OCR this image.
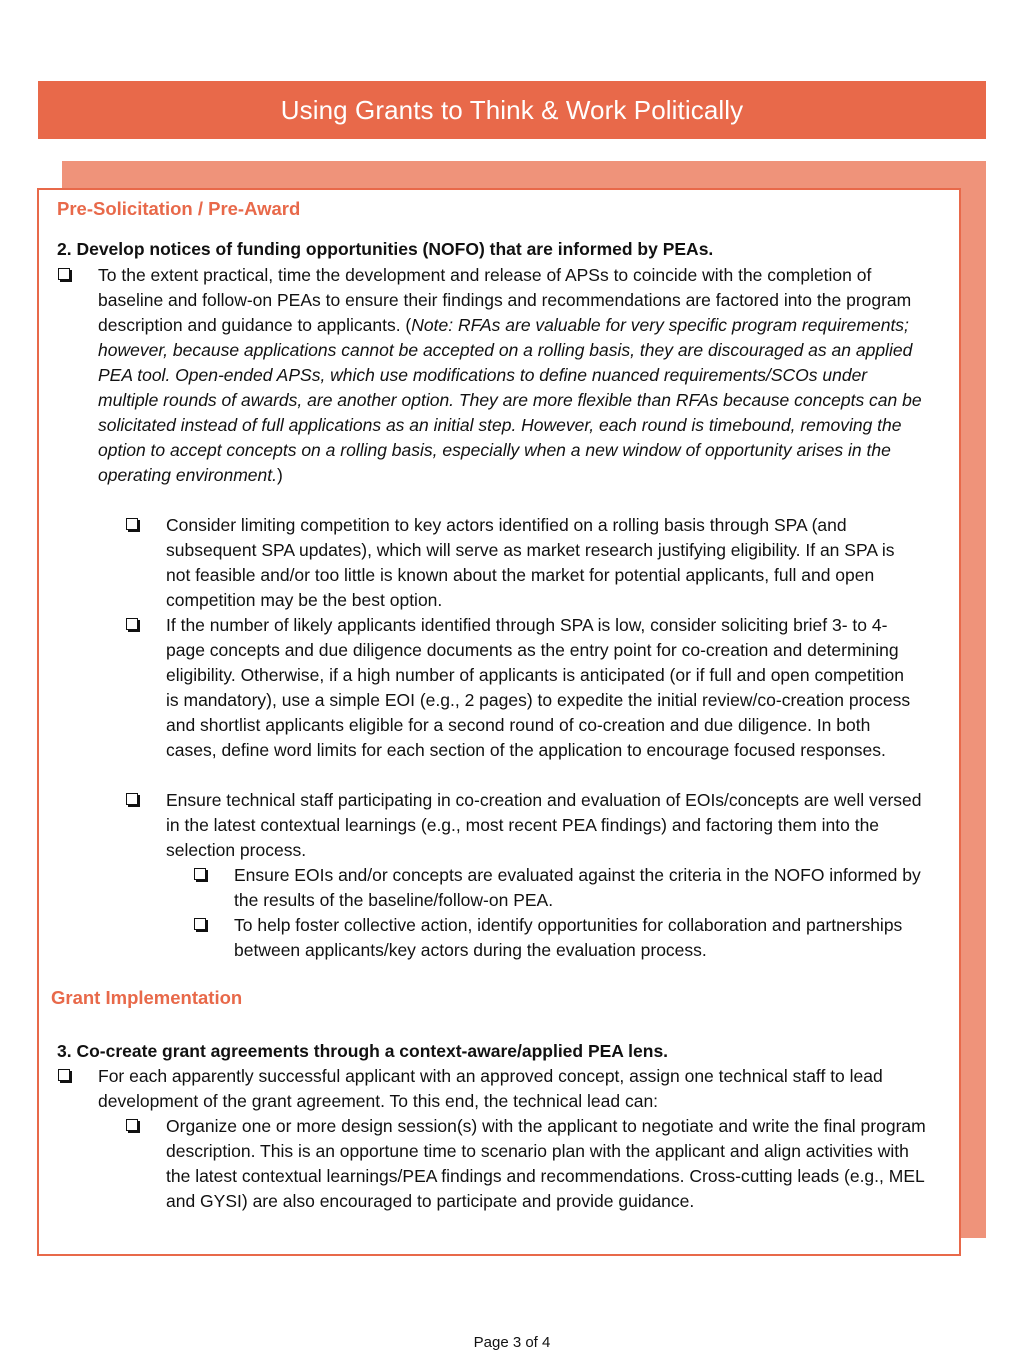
Using Grants to Think & Work Politically
Pre-Solicitation / Pre-Award
2. Develop notices of funding opportunities (NOFO) that are informed by PEAs.
To the extent practical, time the development and release of APSs to coincide with the completion of baseline and follow-on PEAs to ensure their findings and recommendations are factored into the program description and guidance to applicants. (Note: RFAs are valuable for very specific program requirements; however, because applications cannot be accepted on a rolling basis, they are discouraged as an applied PEA tool. Open-ended APSs, which use modifications to define nuanced requirements/SCOs under multiple rounds of awards, are another option. They are more flexible than RFAs because concepts can be solicitated instead of full applications as an initial step. However, each round is timebound, removing the option to accept concepts on a rolling basis, especially when a new window of opportunity arises in the operating environment.)
Consider limiting competition to key actors identified on a rolling basis through SPA (and subsequent SPA updates), which will serve as market research justifying eligibility. If an SPA is not feasible and/or too little is known about the market for potential applicants, full and open competition may be the best option.
If the number of likely applicants identified through SPA is low, consider soliciting brief 3- to 4-page concepts and due diligence documents as the entry point for co-creation and determining eligibility. Otherwise, if a high number of applicants is anticipated (or if full and open competition is mandatory), use a simple EOI (e.g., 2 pages) to expedite the initial review/co-creation process and shortlist applicants eligible for a second round of co-creation and due diligence. In both cases, define word limits for each section of the application to encourage focused responses.
Ensure technical staff participating in co-creation and evaluation of EOIs/concepts are well versed in the latest contextual learnings (e.g., most recent PEA findings) and factoring them into the selection process.
Ensure EOIs and/or concepts are evaluated against the criteria in the NOFO informed by the results of the baseline/follow-on PEA.
To help foster collective action, identify opportunities for collaboration and partnerships between applicants/key actors during the evaluation process.
Grant Implementation
3. Co-create grant agreements through a context-aware/applied PEA lens.
For each apparently successful applicant with an approved concept, assign one technical staff to lead development of the grant agreement. To this end, the technical lead can:
Organize one or more design session(s) with the applicant to negotiate and write the final program description. This is an opportune time to scenario plan with the applicant and align activities with the latest contextual learnings/PEA findings and recommendations. Cross-cutting leads (e.g., MEL and GYSI) are also encouraged to participate and provide guidance.
Page 3 of 4
